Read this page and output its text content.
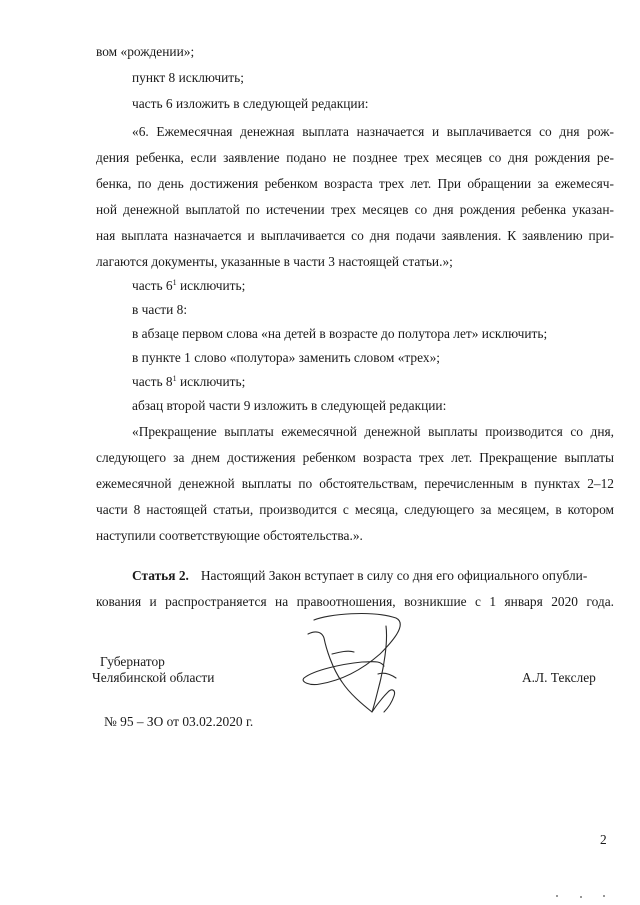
вом «рождении»;
пункт 8 исключить;
часть 6 изложить в следующей редакции:
«6. Ежемесячная денежная выплата назначается и выплачивается со дня рож-
дения ребенка, если заявление подано не позднее трех месяцев со дня рождения ре-
бенка, по день достижения ребенком возраста трех лет. При обращении за ежемесяч-
ной денежной выплатой по истечении трех месяцев со дня рождения ребенка указан-
ная выплата назначается и выплачивается со дня подачи заявления. К заявлению при-
лагаются документы, указанные в части 3 настоящей статьи.»;
часть $6^1$ исключить;
в части 8:
в абзаце первом слова «на детей в возрасте до полутора лет» исключить;
в пункте 1 слово «полутора» заменить словом «трех»;
часть $8^1$ исключить;
абзац второй части 9 изложить в следующей редакции:
«Прекращение выплаты ежемесячной денежной выплаты производится со дня,
следующего за днем достижения ребенком возраста трех лет. Прекращение выплаты
ежемесячной денежной выплаты по обстоятельствам, перечисленным в пунктах 2–12
части 8 настоящей статьи, производится с месяца, следующего за месяцем, в котором
наступили соответствующие обстоятельства.».
Статья 2. Настоящий Закон вступает в силу со дня его официального опубли-
кования и распространяется на правоотношения, возникшие с 1 января 2020 года.
Губернатор
Челябинской области	А.Л. Текслер
№ 95 – ЗО от 03.02.2020 г.
2
